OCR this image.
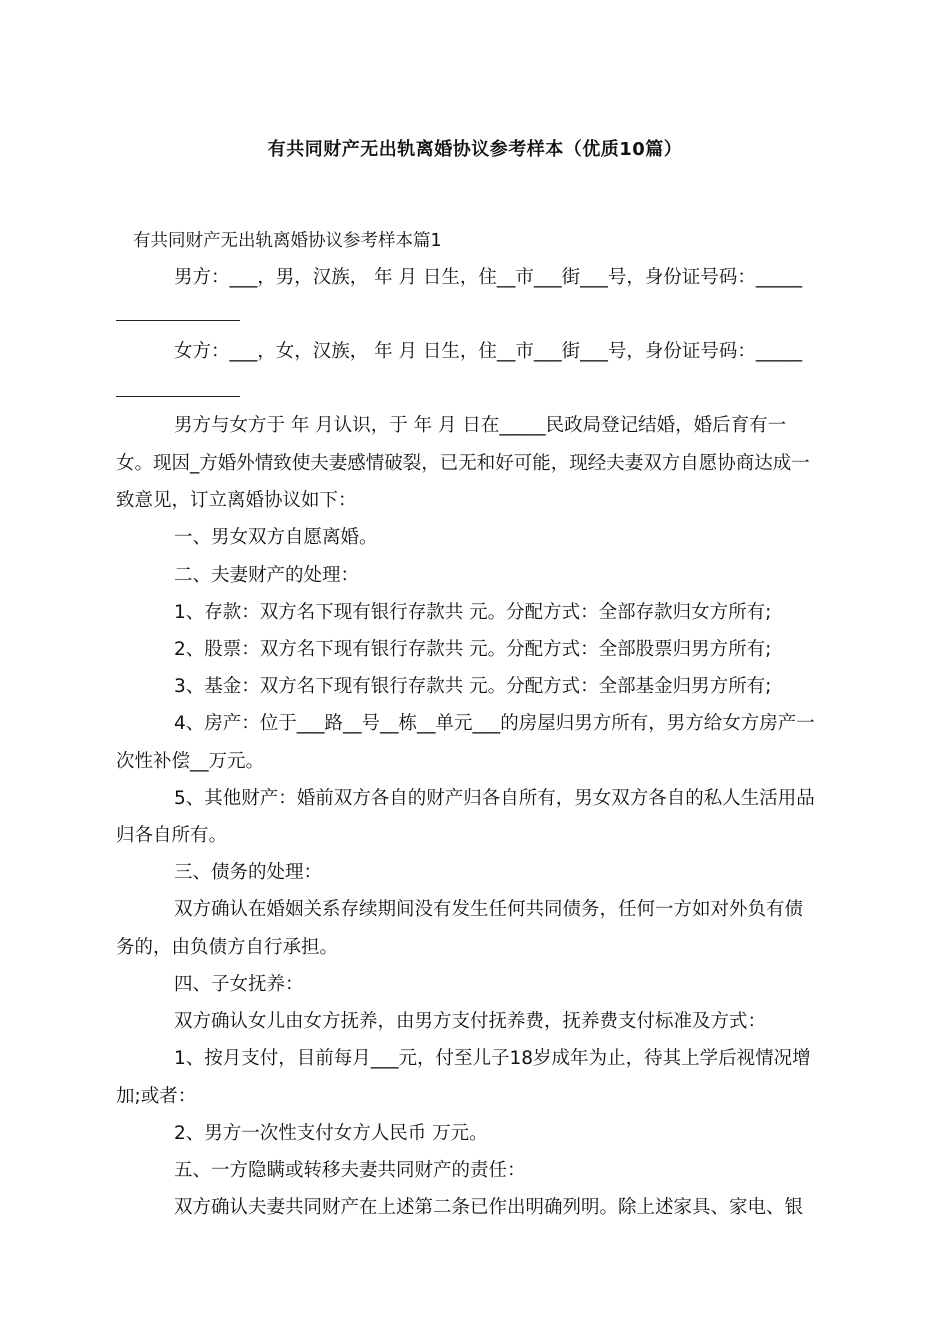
有共同财产无出轨离婚协议参考样本（优质10篇）

有共同财产无出轨离婚协议参考样本篇1

男方：___，男，汉族， 年 月 日生，住__市___街___号，身份证号码：_____

女方：___，女，汉族， 年 月 日生，住__市___街___号，身份证号码：_____

男方与女方于 年 月认识，于 年 月 日在_____民政局登记结婚，婚后育有一

女。现因_方婚外情致使夫妻感情破裂，已无和好可能，现经夫妻双方自愿协商达成一

致意见，订立离婚协议如下：

一、男女双方自愿离婚。

二、夫妻财产的处理：

1、存款：双方名下现有银行存款共 元。分配方式：全部存款归女方所有;

2、股票：双方名下现有银行存款共 元。分配方式：全部股票归男方所有;

3、基金：双方名下现有银行存款共 元。分配方式：全部基金归男方所有;

4、房产：位于___路__号__栋__单元___的房屋归男方所有，男方给女方房产一

次性补偿__万元。

5、其他财产：婚前双方各自的财产归各自所有，男女双方各自的私人生活用品

归各自所有。

三、债务的处理：

双方确认在婚姻关系存续期间没有发生任何共同债务，任何一方如对外负有债

务的，由负债方自行承担。

四、子女抚养：

双方确认女儿由女方抚养，由男方支付抚养费，抚养费支付标准及方式：

1、按月支付，目前每月___元，付至儿子18岁成年为止，待其上学后视情况增

加;或者：

2、男方一次性支付女方人民币 万元。

五、一方隐瞒或转移夫妻共同财产的责任：

双方确认夫妻共同财产在上述第二条已作出明确列明。除上述家具、家电、银
